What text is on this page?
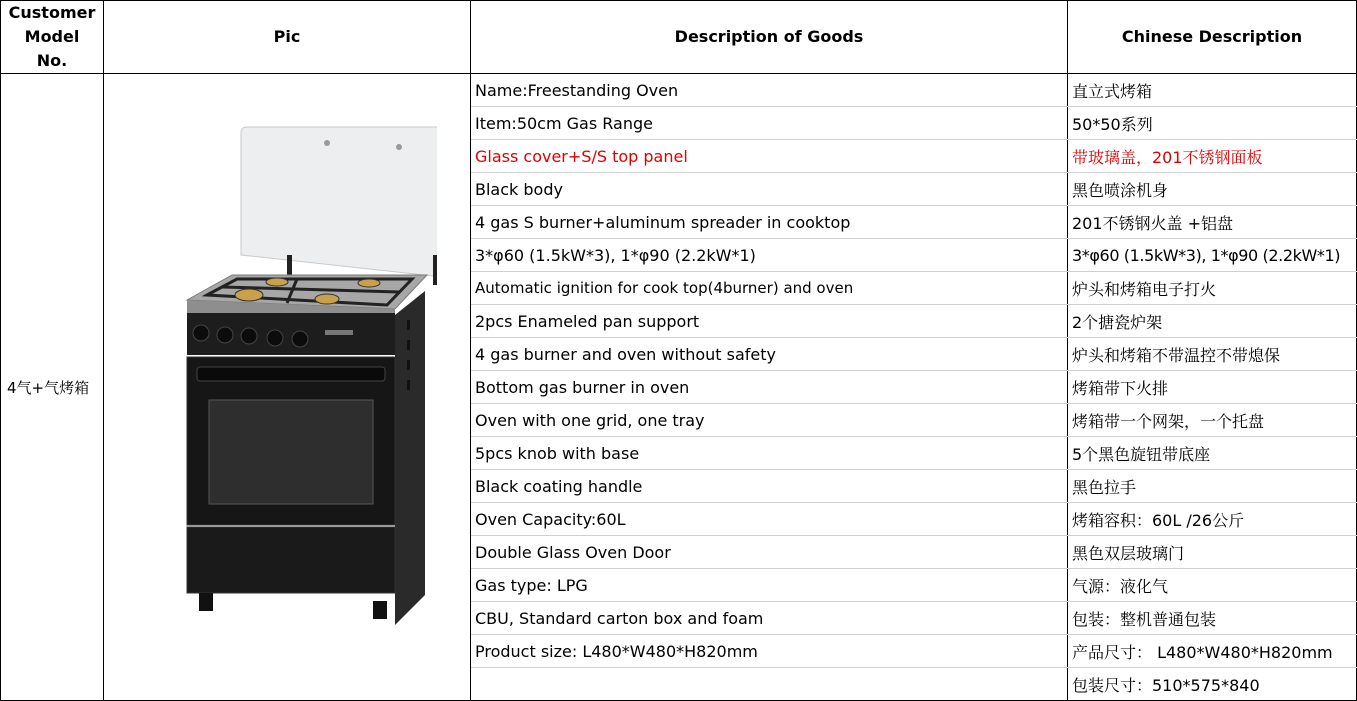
Customer Model No.	Pic	Description of Goods	Chinese Description
4气+气烤箱		Name:Freestanding Oven	直立式烤箱
		Item:50cm Gas Range	50*50系列
		Glass cover+S/S top panel	带玻璃盖，201不锈钢面板
		Black body	黑色喷涂机身
		4 gas S burner+aluminum spreader in cooktop	201不锈钢火盖 +铝盘
		3*φ60 (1.5kW*3), 1*φ90 (2.2kW*1)	3*φ60 (1.5kW*3), 1*φ90 (2.2kW*1)
		Automatic ignition for cook top(4burner) and oven	炉头和烤箱电子打火
		2pcs Enameled pan support	2个搪瓷炉架
		4 gas burner and oven without safety	炉头和烤箱不带温控不带熄保
		Bottom gas burner in oven	烤箱带下火排
		Oven with one grid, one tray	烤箱带一个网架，一个托盘
		5pcs knob with base	5个黑色旋钮带底座
		Black coating handle	黑色拉手
		Oven Capacity:60L	烤箱容积：60L /26公斤
		Double Glass Oven Door	黑色双层玻璃门
		Gas type: LPG	气源：液化气
		CBU, Standard carton box and foam	包装：整机普通包装
		Product size: L480*W480*H820mm	产品尺寸： L480*W480*H820mm
			包装尺寸：510*575*840
